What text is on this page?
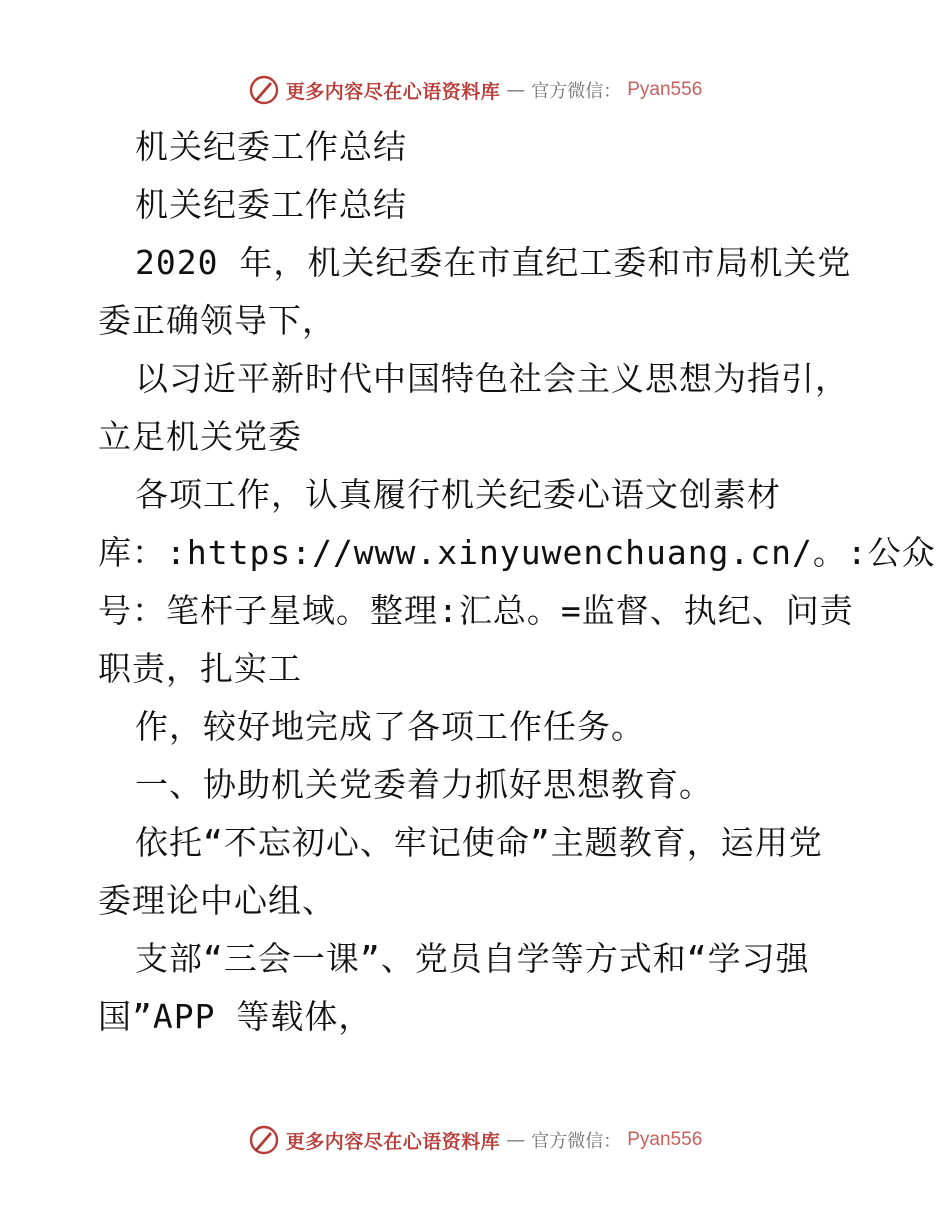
更多内容尽在心语资料库 — 官方微信： Pyan556

机关纪委工作总结

机关纪委工作总结

2020 年，机关纪委在市直纪工委和市局机关党

委正确领导下，

以习近平新时代中国特色社会主义思想为指引，

立足机关党委

各项工作，认真履行机关纪委心语文创素材

库：:https://www.xinyuwenchuang.cn/。:公众

号：笔杆子星域。整理:汇总。=监督、执纪、问责

职责，扎实工

作，较好地完成了各项工作任务。

一、协助机关党委着力抓好思想教育。

依托“不忘初心、牢记使命”主题教育，运用党

委理论中心组、

支部“三会一课”、党员自学等方式和“学习强

国”APP 等载体，

更多内容尽在心语资料库 — 官方微信： Pyan556
